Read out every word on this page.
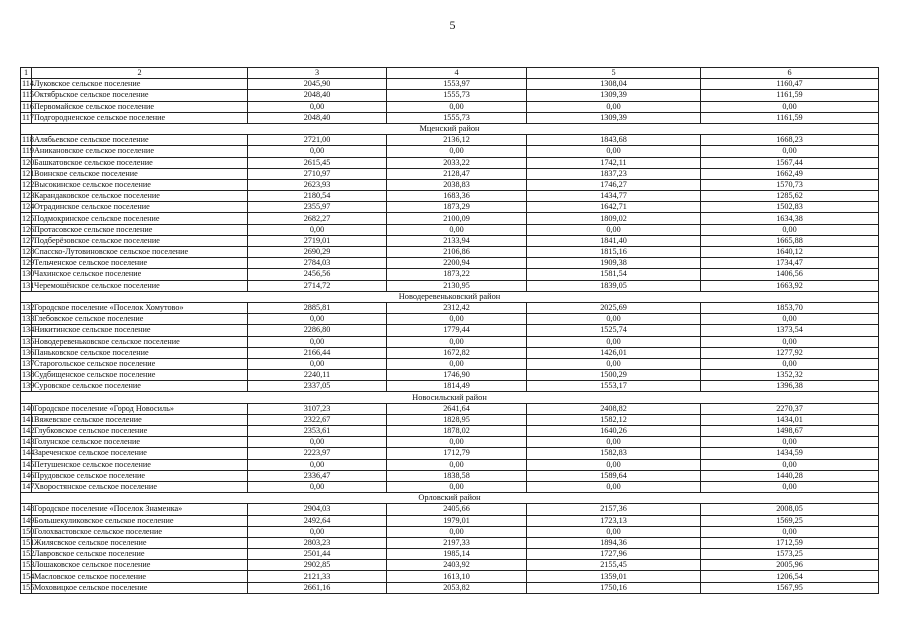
5
1	2	3	4	5	6
114	Луковское сельское поселение	2045,90	1553,97	1308,04	1160,47
115	Октябрьское сельское поселение	2048,40	1555,73	1309,39	1161,59
116	Первомайское сельское поселение	0,00	0,00	0,00	0,00
117	Подгородненское сельское поселение	2048,40	1555,73	1309,39	1161,59
Мценский район					
118	Алябьевское сельское поселение	2721,00	2136,12	1843,68	1668,23
119	Аникановское сельское поселение	0,00	0,00	0,00	0,00
120	Башкатовское сельское поселение	2615,45	2033,22	1742,11	1567,44
121	Воинское сельское поселение	2710,97	2128,47	1837,23	1662,49
122	Высокинское сельское поселение	2623,93	2038,83	1746,27	1570,73
123	Карандаковское сельское поселение	2180,54	1683,36	1434,77	1285,62
124	Отрадинское сельское поселение	2355,97	1873,29	1642,71	1502,83
125	Подмокринское сельское поселение	2682,27	2100,09	1809,02	1634,38
126	Протасовское сельское поселение	0,00	0,00	0,00	0,00
127	Подберёзовское сельское поселение	2719,01	2133,94	1841,40	1665,88
128	Спасско-Лутовиновское сельское поселение	2690,29	2106,86	1815,16	1640,12
129	Тельченское сельское поселение	2784,03	2200,94	1909,38	1734,47
130	Чахинское сельское поселение	2456,56	1873,22	1581,54	1406,56
131	Черемошёнское сельское поселение	2714,72	2130,95	1839,05	1663,92
Новодеревеньковский район					
132	Городское поселение «Поселок Хомутово»	2885,81	2312,42	2025,69	1853,70
133	Глебовское сельское поселение	0,00	0,00	0,00	0,00
134	Никитинское сельское поселение	2286,80	1779,44	1525,74	1373,54
135	Новодеревеньковское сельское поселение	0,00	0,00	0,00	0,00
136	Паньковское сельское поселение	2166,44	1672,82	1426,01	1277,92
137	Старогольское сельское поселение	0,00	0,00	0,00	0,00
138	Судбищенское сельское поселение	2240,11	1746,90	1500,29	1352,32
139	Суровское сельское поселение	2337,05	1814,49	1553,17	1396,38
Новосильский район					
140	Городское поселение «Город Новосиль»	3107,23	2641,64	2408,82	2270,37
141	Вяжевское сельское поселение	2322,67	1828,95	1582,12	1434,01
142	Глубковское сельское поселение	2353,61	1878,02	1640,26	1498,67
143	Голунское сельское поселение	0,00	0,00	0,00	0,00
144	Зареченское сельское поселение	2223,97	1712,79	1582,83	1434,59
145	Петушенское сельское поселение	0,00	0,00	0,00	0,00
146	Прудовское сельское поселение	2336,47	1838,58	1589,64	1440,28
147	Хворостянское сельское поселение	0,00	0,00	0,00	0,00
Орловский район					
148	Городское поселение «Поселок Знаменка»	2904,03	2405,66	2157,36	2008,05
149	Большекуликовское сельское поселение	2492,64	1979,01	1723,13	1569,25
150	Голохвастовское сельское поселение	0,00	0,00	0,00	0,00
151	Жилясвское сельское поселение	2803,23	2197,33	1894,36	1712,59
152	Лавровское сельское поселение	2501,44	1985,14	1727,96	1573,25
153	Лошаковское сельское поселение	2902,85	2403,92	2155,45	2005,96
154	Масловское сельское поселение	2121,33	1613,10	1359,01	1206,54
155	Моховицкое сельское поселение	2661,16	2053,82	1750,16	1567,95
